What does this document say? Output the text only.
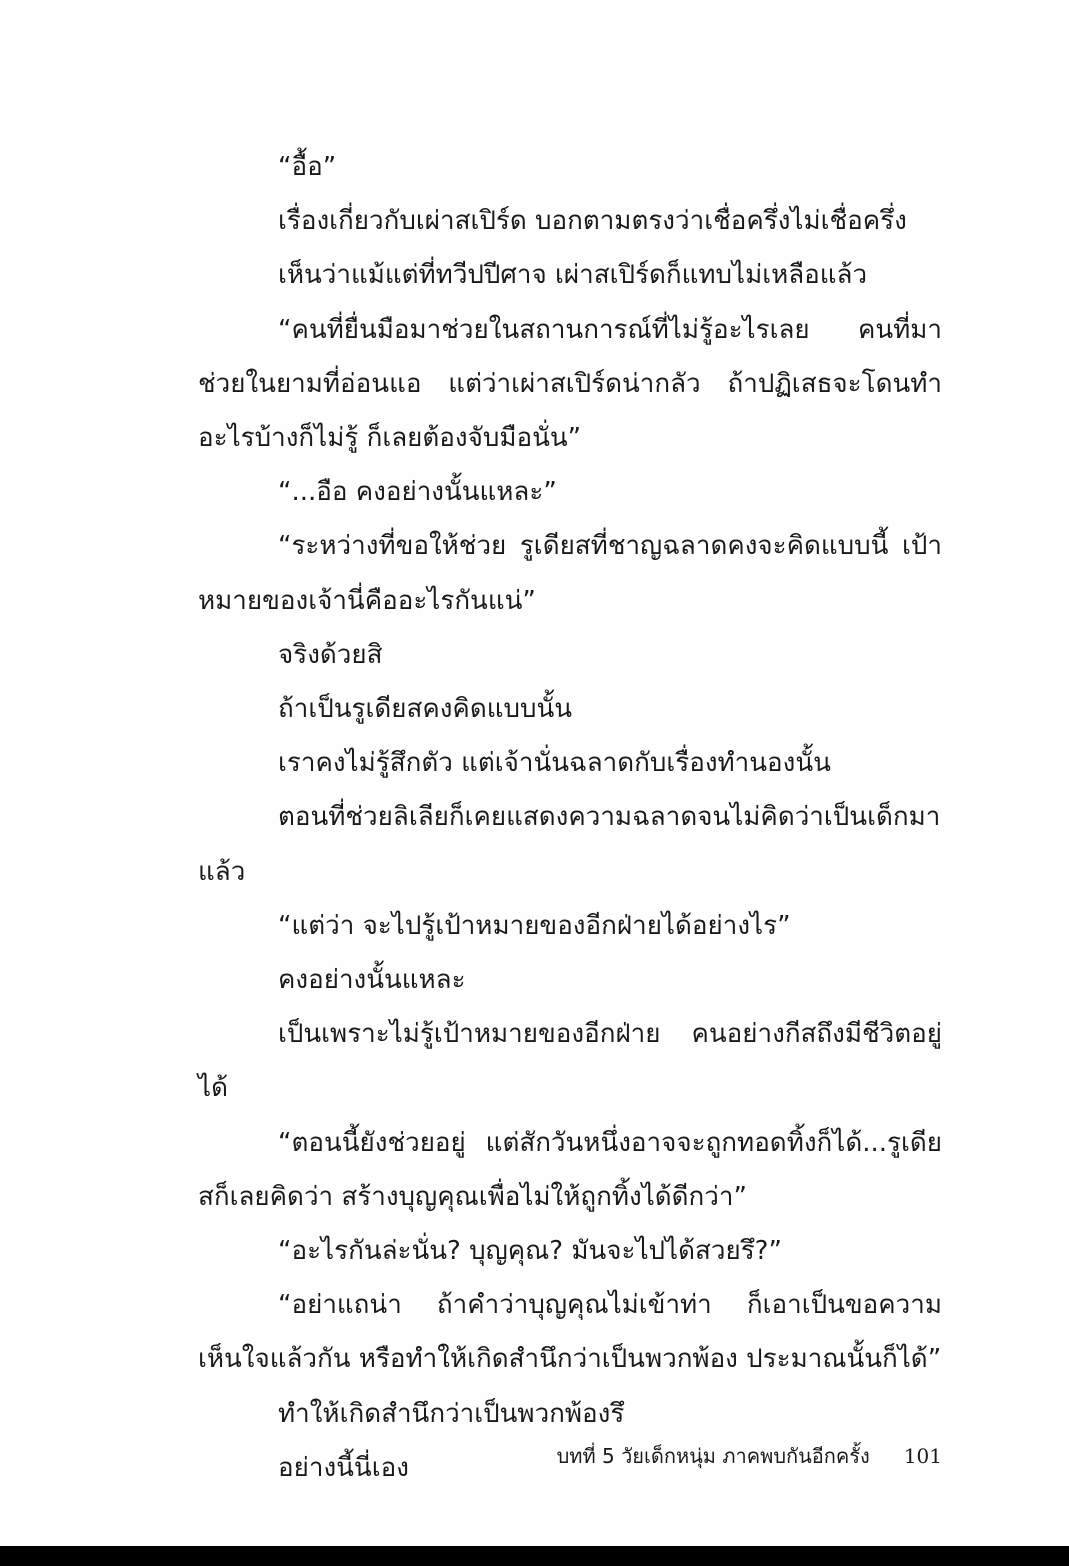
“อื้อ”

เรื่องเกี่ยวกับเผ่าสเปิร์ด บอกตามตรงว่าเชื่อครึ่งไม่เชื่อครึ่ง

เห็นว่าแม้แต่ที่ทวีปปีศาจ เผ่าสเปิร์ดก็แทบไม่เหลือแล้ว

“คนที่ยื่นมือมาช่วยในสถานการณ์ที่ไม่รู้อะไรเลย คนที่มาช่วยในยามที่อ่อนแอ แต่ว่าเผ่าสเปิร์ดน่ากลัว ถ้าปฏิเสธจะโดนทำอะไรบ้างก็ไม่รู้ ก็เลยต้องจับมือนั่น”

“...อือ คงอย่างนั้นแหละ”

“ระหว่างที่ขอให้ช่วย รูเดียสที่ชาญฉลาดคงจะคิดแบบนี้ เป้าหมายของเจ้านี่คืออะไรกันแน่”

จริงด้วยสิ

ถ้าเป็นรูเดียสคงคิดแบบนั้น

เราคงไม่รู้สึกตัว แต่เจ้านั่นฉลาดกับเรื่องทำนองนั้น

ตอนที่ช่วยลิเลียก็เคยแสดงความฉลาดจนไม่คิดว่าเป็นเด็กมาแล้ว

“แต่ว่า จะไปรู้เป้าหมายของอีกฝ่ายได้อย่างไร”

คงอย่างนั้นแหละ

เป็นเพราะไม่รู้เป้าหมายของอีกฝ่าย คนอย่างกีสถึงมีชีวิตอยู่ได้

“ตอนนี้ยังช่วยอยู่ แต่สักวันหนึ่งอาจจะถูกทอดทิ้งก็ได้...รูเดียสก็เลยคิดว่า สร้างบุญคุณเพื่อไม่ให้ถูกทิ้งได้ดีกว่า”

“อะไรกันล่ะนั่น? บุญคุณ? มันจะไปได้สวยรึ?”

“อย่าแถน่า ถ้าคำว่าบุญคุณไม่เข้าท่า ก็เอาเป็นขอความเห็นใจแล้วกัน หรือทำให้เกิดสำนึกว่าเป็นพวกพ้อง ประมาณนั้นก็ได้”

ทำให้เกิดสำนึกว่าเป็นพวกพ้องรึ

อย่างนี้นี่เอง	บทที่ 5 วัยเด็กหนุ่ม ภาคพบกันอีกครั้ง 101
